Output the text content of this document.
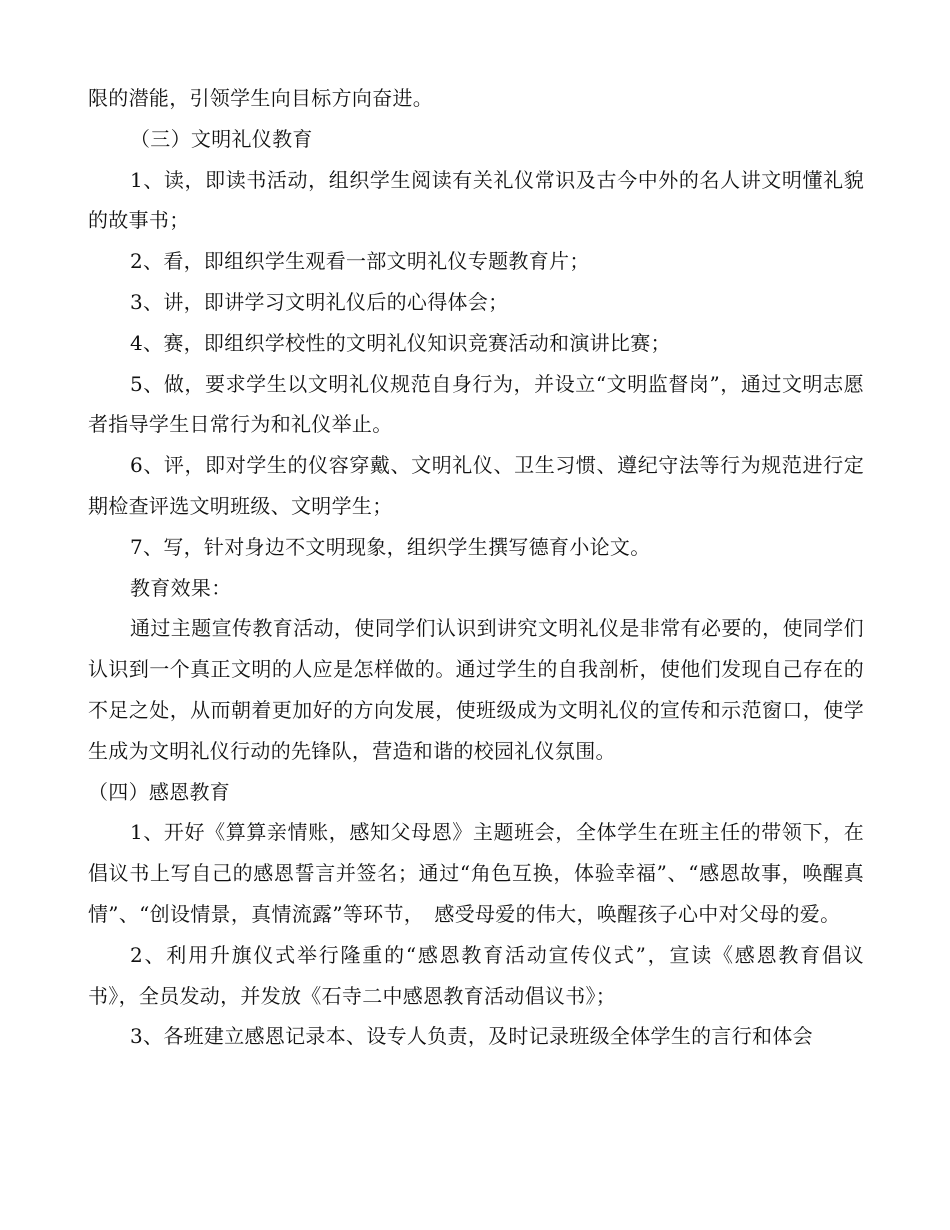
限的潜能，引领学生向目标方向奋进。

（三）文明礼仪教育

1、读，即读书活动，组织学生阅读有关礼仪常识及古今中外的名人讲文明懂礼貌的故事书；

2、看，即组织学生观看一部文明礼仪专题教育片；

3、讲，即讲学习文明礼仪后的心得体会；

4、赛，即组织学校性的文明礼仪知识竞赛活动和演讲比赛；

5、做，要求学生以文明礼仪规范自身行为，并设立“文明监督岗”，通过文明志愿者指导学生日常行为和礼仪举止。

6、评，即对学生的仪容穿戴、文明礼仪、卫生习惯、遵纪守法等行为规范进行定期检查评选文明班级、文明学生；

7、写，针对身边不文明现象，组织学生撰写德育小论文。

教育效果：

通过主题宣传教育活动，使同学们认识到讲究文明礼仪是非常有必要的，使同学们认识到一个真正文明的人应是怎样做的。通过学生的自我剖析，使他们发现自己存在的不足之处，从而朝着更加好的方向发展，使班级成为文明礼仪的宣传和示范窗口，使学生成为文明礼仪行动的先锋队，营造和谐的校园礼仪氛围。

（四）感恩教育

1、开好《算算亲情账，感知父母恩》主题班会，全体学生在班主任的带领下，在倡议书上写自己的感恩誓言并签名；通过“角色互换，体验幸福”、“感恩故事，唤醒真情”、“创设情景，真情流露”等环节，　感受母爱的伟大，唤醒孩子心中对父母的爱。

2、利用升旗仪式举行隆重的“感恩教育活动宣传仪式”，宣读《感恩教育倡议书》，全员发动，并发放《石寺二中感恩教育活动倡议书》；

3、各班建立感恩记录本、设专人负责，及时记录班级全体学生的言行和体会
